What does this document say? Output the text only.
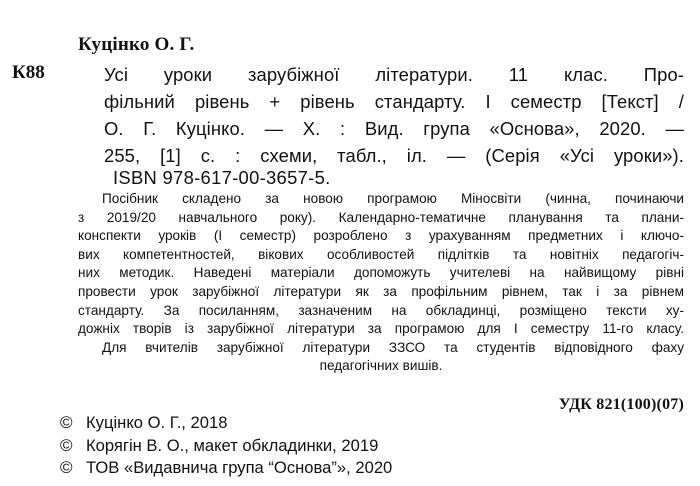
Куцінко О. Г.
К88	Усі уроки зарубіжної літератури. 11 клас. Про-
фільний рівень + рівень стандарту. І семестр [Текст] /
О. Г. Куцінко. — Х. : Вид. група «Основа», 2020. —
255, [1] с. : схеми, табл., іл. — (Серія «Усі уроки»).
ISBN 978-617-00-3657-5.
Посібник складено за новою програмою Міносвіти (чинна, починаючи
з 2019/20 навчального року). Календарно-тематичне планування та плани-
конспекти уроків (І семестр) розроблено з урахуванням предметних і ключо-
вих компетентностей, вікових особливостей підлітків та новітніх педагогіч-
них методик. Наведені матеріали допоможуть учителеві на найвищому рівні
провести урок зарубіжної літератури як за профільним рівнем, так і за рівнем
стандарту. За посиланням, зазначеним на обкладинці, розміщено тексти ху-
дожніх творів із зарубіжної літератури за програмою для І семестру 11-го класу.
Для вчителів зарубіжної літератури ЗЗСО та студентів відповідного фаху
педагогічних вишів.
УДК 821(100)(07)
© Куцінко О. Г., 2018
© Корягін В. О., макет обкладинки, 2019
© ТОВ «Видавнича група “Основа”», 2020
